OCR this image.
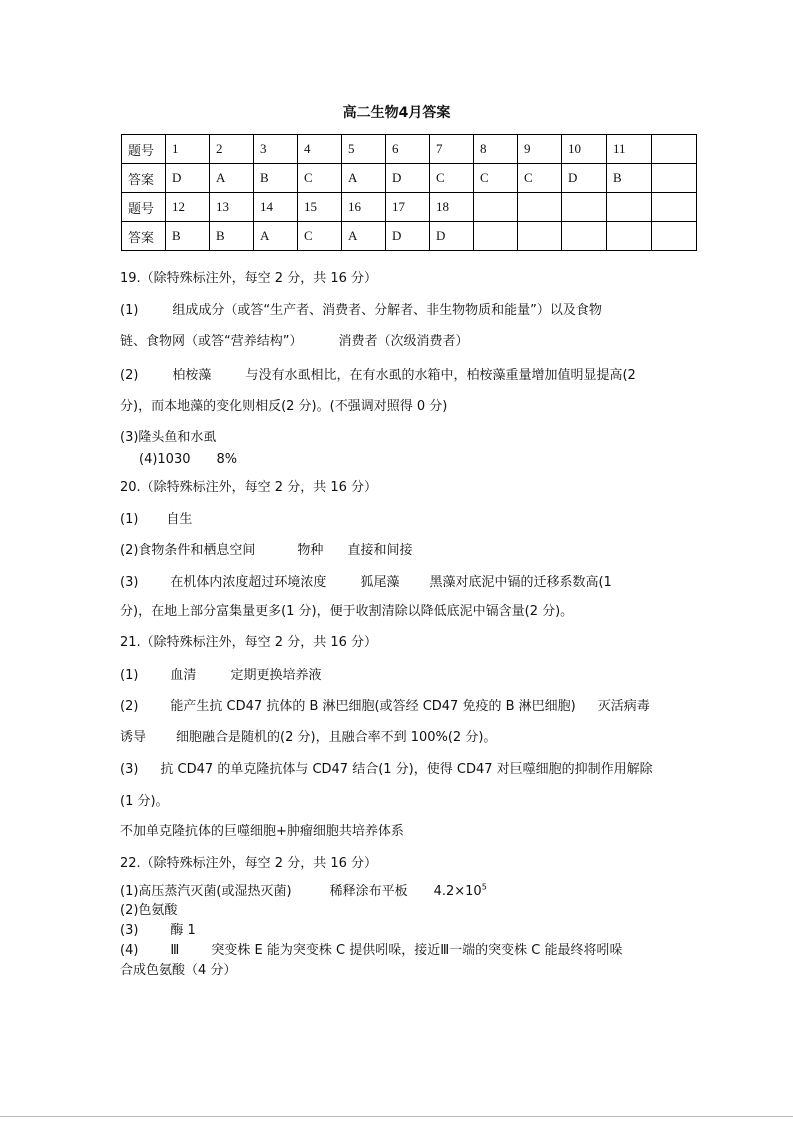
高二生物4月答案
题号	1	2	3	4	5	6	7	8	9	10	11	
答案	D	A	B	C	A	D	C	C	C	D	B	
题号	12	13	14	15	16	17	18					
答案	B	B	A	C	A	D	D					
19.（除特殊标注外，每空 2 分，共 16 分）
(1)	组成成分（或答“生产者、消费者、分解者、非生物物质和能量”）以及食物
链、食物网（或答“营养结构”）	消费者（次级消费者）
(2)	柏桉藻	与没有水虱相比，在有水虱的水箱中，柏桉藻重量增加值明显提高(2
分)，而本地藻的变化则相反(2 分)。(不强调对照得 0 分)
(3)隆头鱼和水虱
(4)1030 8%
20.（除特殊标注外，每空 2 分，共 16 分）
(1) 自生
(2)食物条件和栖息空间	物种 直接和间接
(3) 在机体内浓度超过环境浓度	狐尾藻 黑藻对底泥中镉的迁移系数高(1
分)，在地上部分富集量更多(1 分)，便于收割清除以降低底泥中镉含量(2 分)。
21.（除特殊标注外，每空 2 分，共 16 分）
(1) 血清	定期更换培养液
(2) 能产生抗 CD47 抗体的 B 淋巴细胞(或答经 CD47 免疫的 B 淋巴细胞) 灭活病毒
诱导 细胞融合是随机的(2 分)，且融合率不到 100%(2 分)。
(3) 抗 CD47 的单克隆抗体与 CD47 结合(1 分)，使得 CD47 对巨噬细胞的抑制作用解除
(1 分)。
不加单克隆抗体的巨噬细胞+肿瘤细胞共培养体系
22.（除特殊标注外，每空 2 分，共 16 分）
(1)高压蒸汽灭菌(或湿热灭菌)	稀释涂布平板 $4.2\times 10^5$
(2)色氨酸
(3) 酶 1
(4) Ⅲ 突变株 E 能为突变株 C 提供吲哚，接近Ⅲ一端的突变株 C 能最终将吲哚
合成色氨酸（4 分）
